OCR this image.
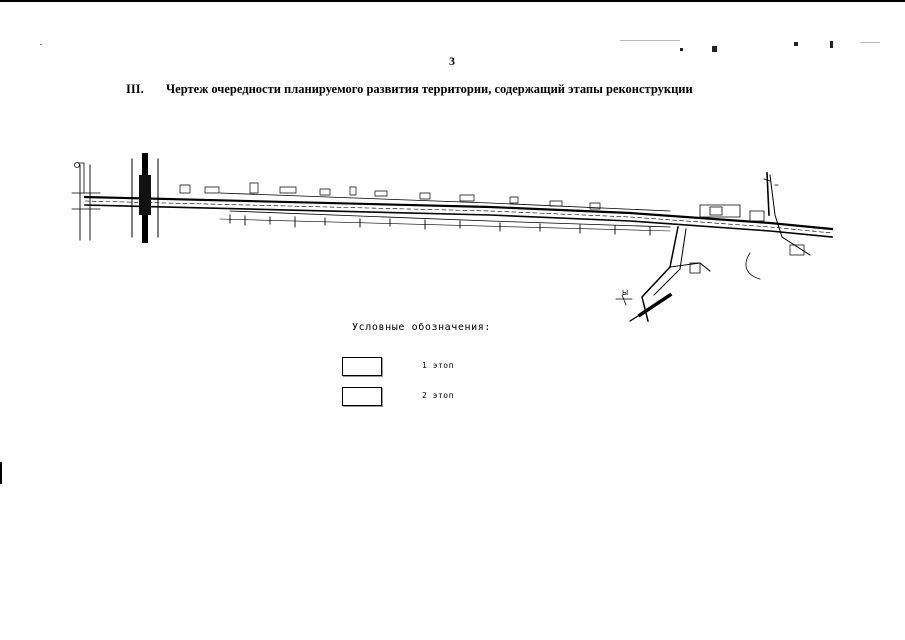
3
III. Чертеж очередности планируемого развития территории, содержащий этапы реконструкции
Ы
Условные обозначения:
1 этоп
2 этоп
